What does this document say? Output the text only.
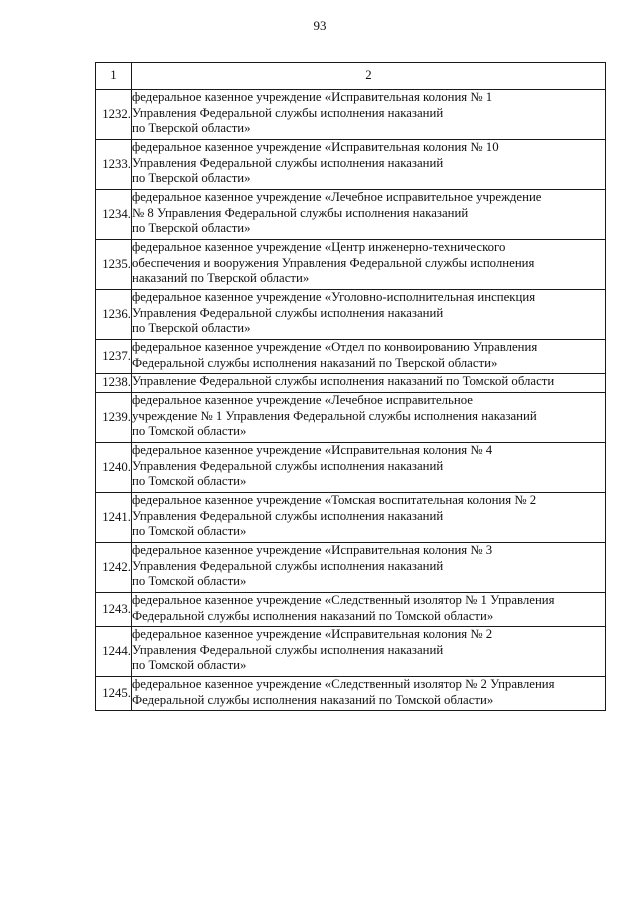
93
1	2
1232.	федеральное казенное учреждение «Исправительная колония № 1
Управления Федеральной службы исполнения наказаний
по Тверской области»

1233.	федеральное казенное учреждение «Исправительная колония № 10
Управления Федеральной службы исполнения наказаний
по Тверской области»

1234.	федеральное казенное учреждение «Лечебное исправительное учреждение
№ 8 Управления Федеральной службы исполнения наказаний
по Тверской области»

1235.	федеральное казенное учреждение «Центр инженерно-технического
обеспечения и вооружения Управления Федеральной службы исполнения
наказаний по Тверской области»

1236.	федеральное казенное учреждение «Уголовно-исполнительная инспекция
Управления Федеральной службы исполнения наказаний
по Тверской области»

1237.	федеральное казенное учреждение «Отдел по конвоированию Управления
Федеральной службы исполнения наказаний по Тверской области»

1238.	Управление Федеральной службы исполнения наказаний по Томской области

1239.	федеральное казенное учреждение «Лечебное исправительное
учреждение № 1 Управления Федеральной службы исполнения наказаний
по Томской области»

1240.	федеральное казенное учреждение «Исправительная колония № 4
Управления Федеральной службы исполнения наказаний
по Томской области»

1241.	федеральное казенное учреждение «Томская воспитательная колония № 2
Управления Федеральной службы исполнения наказаний
по Томской области»

1242.	федеральное казенное учреждение «Исправительная колония № 3
Управления Федеральной службы исполнения наказаний
по Томской области»

1243.	федеральное казенное учреждение «Следственный изолятор № 1 Управления
Федеральной службы исполнения наказаний по Томской области»

1244.	федеральное казенное учреждение «Исправительная колония № 2
Управления Федеральной службы исполнения наказаний
по Томской области»

1245.	федеральное казенное учреждение «Следственный изолятор № 2 Управления
Федеральной службы исполнения наказаний по Томской области»
